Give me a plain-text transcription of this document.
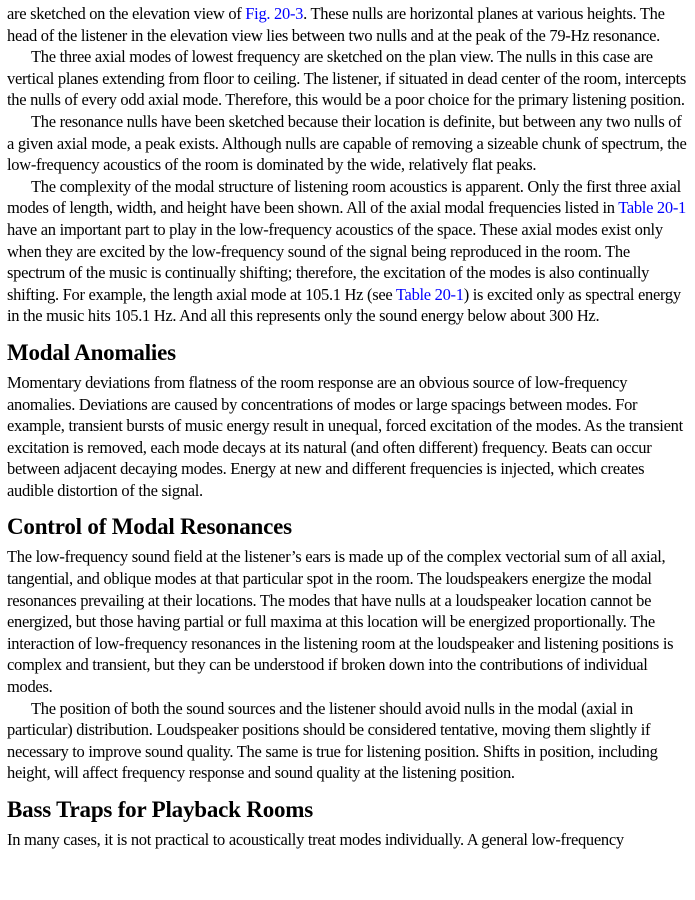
are sketched on the elevation view of Fig. 20-3. These nulls are horizontal planes at various heights. The head of the listener in the elevation view lies between two nulls and at the peak of the 79-Hz resonance.

The three axial modes of lowest frequency are sketched on the plan view. The nulls in this case are vertical planes extending from floor to ceiling. The listener, if situated in dead center of the room, intercepts the nulls of every odd axial mode. Therefore, this would be a poor choice for the primary listening position.

The resonance nulls have been sketched because their location is definite, but between any two nulls of a given axial mode, a peak exists. Although nulls are capable of removing a sizeable chunk of spectrum, the low-frequency acoustics of the room is dominated by the wide, relatively flat peaks.

The complexity of the modal structure of listening room acoustics is apparent. Only the first three axial modes of length, width, and height have been shown. All of the axial modal frequencies listed in Table 20-1 have an important part to play in the low-frequency acoustics of the space. These axial modes exist only when they are excited by the low-frequency sound of the signal being reproduced in the room. The spectrum of the music is continually shifting; therefore, the excitation of the modes is also continually shifting. For example, the length axial mode at 105.1 Hz (see Table 20-1) is excited only as spectral energy in the music hits 105.1 Hz. And all this represents only the sound energy below about 300 Hz.

Modal Anomalies

Momentary deviations from flatness of the room response are an obvious source of low-frequency anomalies. Deviations are caused by concentrations of modes or large spacings between modes. For example, transient bursts of music energy result in unequal, forced excitation of the modes. As the transient excitation is removed, each mode decays at its natural (and often different) frequency. Beats can occur between adjacent decaying modes. Energy at new and different frequencies is injected, which creates audible distortion of the signal.

Control of Modal Resonances

The low-frequency sound field at the listener’s ears is made up of the complex vectorial sum of all axial, tangential, and oblique modes at that particular spot in the room. The loudspeakers energize the modal resonances prevailing at their locations. The modes that have nulls at a loudspeaker location cannot be energized, but those having partial or full maxima at this location will be energized proportionally. The interaction of low-frequency resonances in the listening room at the loudspeaker and listening positions is complex and transient, but they can be understood if broken down into the contributions of individual modes.

The position of both the sound sources and the listener should avoid nulls in the modal (axial in particular) distribution. Loudspeaker positions should be considered tentative, moving them slightly if necessary to improve sound quality. The same is true for listening position. Shifts in position, including height, will affect frequency response and sound quality at the listening position.

Bass Traps for Playback Rooms

In many cases, it is not practical to acoustically treat modes individually. A general low-frequency
